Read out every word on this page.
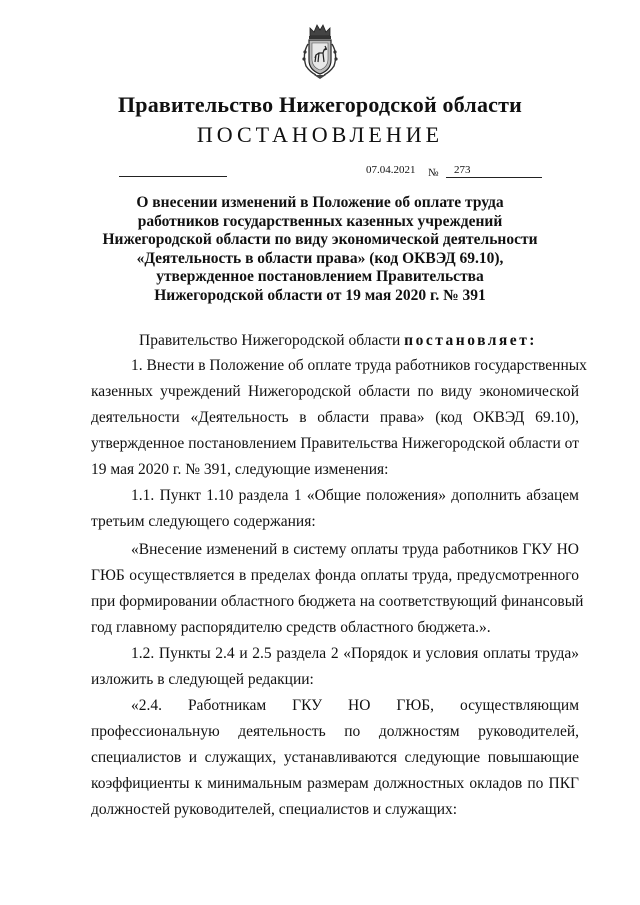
Правительство Нижегородской области
ПОСТАНОВЛЕНИЕ
07.04.2021 №	273
О внесении изменений в Положение об оплате труда
работников государственных казенных учреждений
Нижегородской области по виду экономической деятельности
«Деятельность в области права» (код ОКВЭД 69.10),
утвержденное постановлением Правительства
Нижегородской области от 19 мая 2020 г. № 391
Правительство Нижегородской области постановляет:
1. Внести в Положение об оплате труда работников государственных
казенных учреждений Нижегородской области по виду экономической
деятельности «Деятельность в области права» (код ОКВЭД 69.10),
утвержденное постановлением Правительства Нижегородской области от
19 мая 2020 г. № 391, следующие изменения:
1.1. Пункт 1.10 раздела 1 «Общие положения» дополнить абзацем
третьим следующего содержания:
«Внесение изменений в систему оплаты труда работников ГКУ НО
ГЮБ осуществляется в пределах фонда оплаты труда, предусмотренного
при формировании областного бюджета на соответствующий финансовый
год главному распорядителю средств областного бюджета.».
1.2. Пункты 2.4 и 2.5 раздела 2 «Порядок и условия оплаты труда»
изложить в следующей редакции:
«2.4. Работникам ГКУ НО ГЮБ, осуществляющим
профессиональную деятельность по должностям руководителей,
специалистов и служащих, устанавливаются следующие повышающие
коэффициенты к минимальным размерам должностных окладов по ПКГ
должностей руководителей, специалистов и служащих:
